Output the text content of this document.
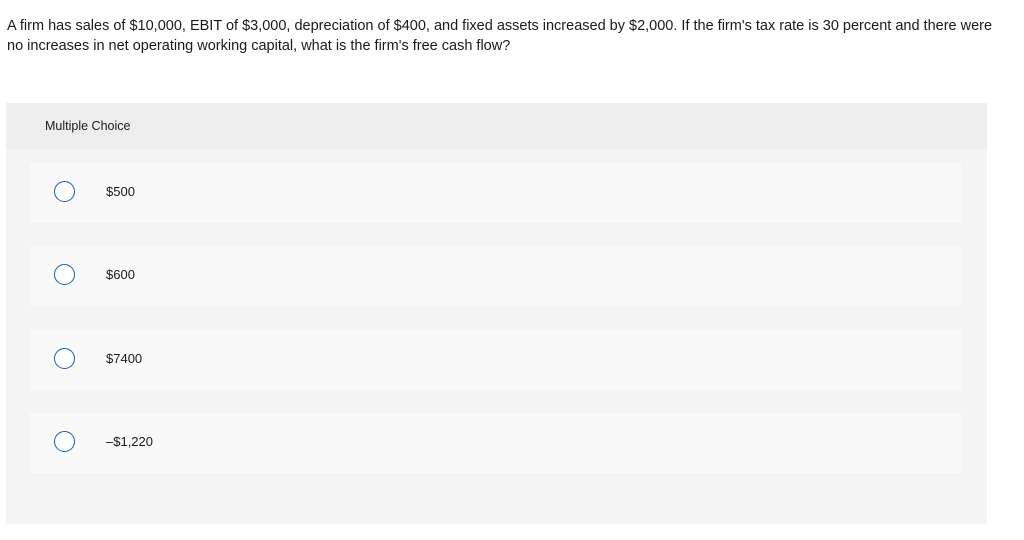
A firm has sales of $10,000, EBIT of $3,000, depreciation of $400, and fixed assets increased by $2,000. If the firm's tax rate is 30 percent and there were no increases in net operating working capital, what is the firm's free cash flow?
Multiple Choice
$500
$600
$7400
–$1,220
